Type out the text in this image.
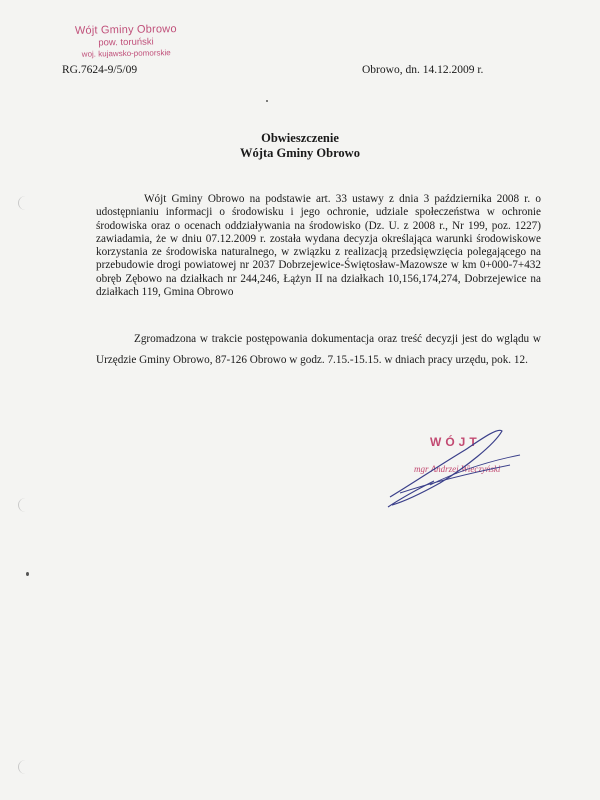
Wójt Gminy Obrowo
pow. toruński
woj. kujawsko-pomorskie
RG.7624-9/5/09	Obrowo, dn. 14.12.2009 r.
Obwieszczenie
Wójta Gminy Obrowo
Wójt Gminy Obrowo na podstawie art. 33 ustawy z dnia 3 października 2008 r. o udostępnianiu informacji o środowisku i jego ochronie, udziale społeczeństwa w ochronie środowiska oraz o ocenach oddziaływania na środowisko (Dz. U. z 2008 r., Nr 199, poz. 1227) zawiadamia, że w dniu 07.12.2009 r. została wydana decyzja określająca warunki środowiskowe korzystania ze środowiska naturalnego, w związku z realizacją przedsięwzięcia polegającego na przebudowie drogi powiatowej nr 2037 Dobrzejewice-Świętosław-Mazowsze w km 0+000-7+432 obręb Zębowo na działkach nr 244,246, Łążyn II na działkach 10,156,174,274, Dobrzejewice na działkach 119, Gmina Obrowo
Zgromadzona w trakcie postępowania dokumentacja oraz treść decyzji jest do wglądu w Urzędzie Gminy Obrowo, 87-126 Obrowo w godz. 7.15.-15.15. w dniach pracy urzędu, pok. 12.
WÓJT
mgr Andrzej Wieczyński
